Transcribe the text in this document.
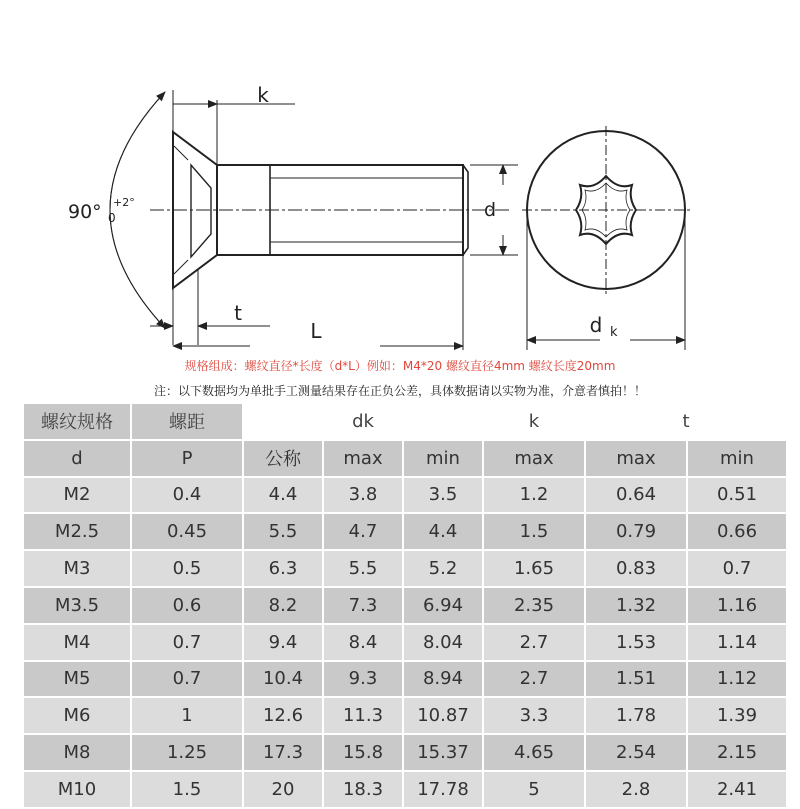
k
90° +2°
0	d
t
L	d k
规格组成：螺纹直径*长度（d*L）例如：M4*20 螺纹直径4mm 螺纹长度20mm
注：以下数据均为单批手工测量结果存在正负公差，具体数据请以实物为准，介意者慎拍！！
螺纹规格	螺距	dk			k	t	
d	P	公称	max	min	max	max	min
M2	0.4	4.4	3.8	3.5	1.2	0.64	0.51
M2.5	0.45	5.5	4.7	4.4	1.5	0.79	0.66
M3	0.5	6.3	5.5	5.2	1.65	0.83	0.7
M3.5	0.6	8.2	7.3	6.94	2.35	1.32	1.16
M4	0.7	9.4	8.4	8.04	2.7	1.53	1.14
M5	0.7	10.4	9.3	8.94	2.7	1.51	1.12
M6	1	12.6	11.3	10.87	3.3	1.78	1.39
M8	1.25	17.3	15.8	15.37	4.65	2.54	2.15
M10	1.5	20	18.3	17.78	5	2.8	2.41
